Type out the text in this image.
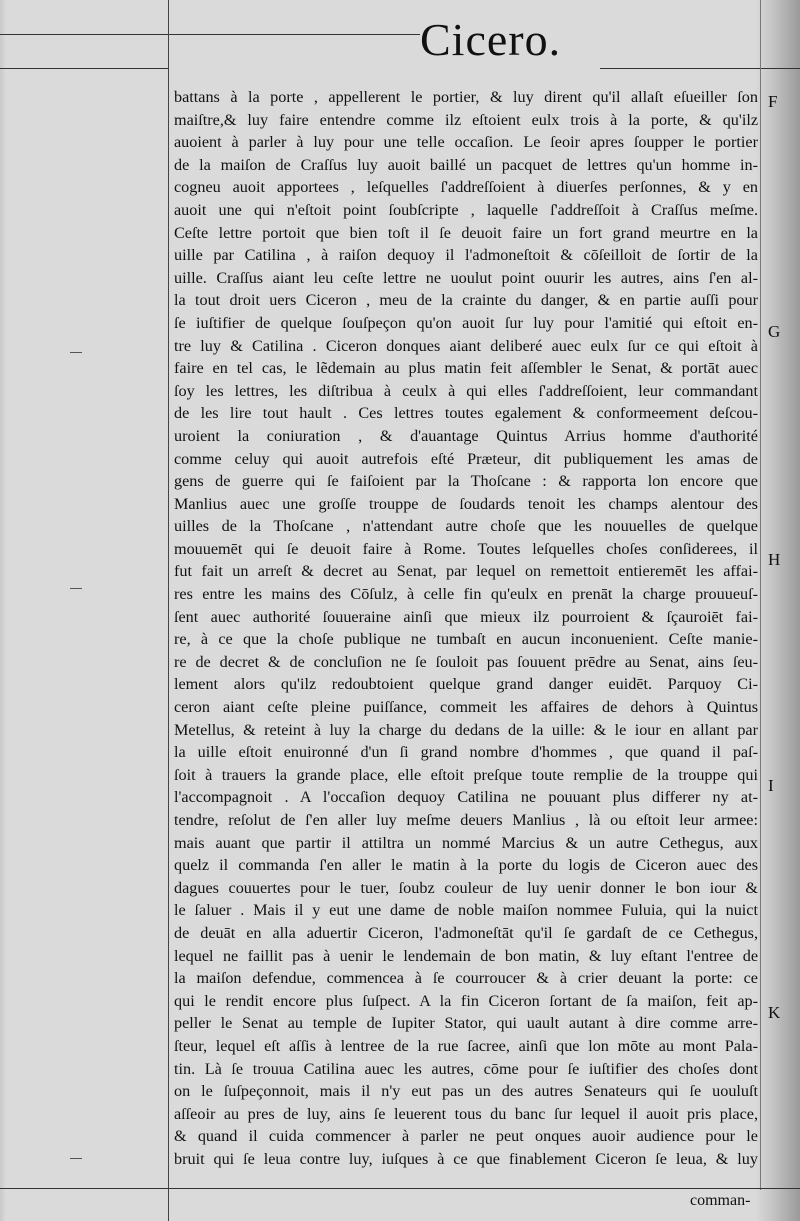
Cicero.
F
G
H
I
K
battans à la porte , appellerent le portier, & luy dirent qu'il allaſt eſueiller ſon
maiſtre,& luy faire entendre comme ilz eſtoient eulx trois à la porte, & qu'ilz
auoient à parler à luy pour une telle occaſion. Le ſeoir apres ſoupper le portier
de la maiſon de Craſſus luy auoit baillé un pacquet de lettres qu'un homme in-
cogneu auoit apportees , leſquelles ſ'addreſſoient à diuerſes perſonnes, & y en
auoit une qui n'eſtoit point ſoubſcripte , laquelle ſ'addreſſoit à Craſſus meſme.
Ceſte lettre portoit que bien toſt il ſe deuoit faire un fort grand meurtre en la
uille par Catilina , à raiſon dequoy il l'admoneſtoit & cōſeilloit de ſortir de la
uille. Craſſus aiant leu ceſte lettre ne uoulut point ouurir les autres, ains ſ'en al-
la tout droit uers Ciceron , meu de la crainte du danger, & en partie auſſi pour
ſe iuſtifier de quelque ſouſpeçon qu'on auoit ſur luy pour l'amitié qui eſtoit en-
tre luy & Catilina . Ciceron donques aiant deliberé auec eulx ſur ce qui eſtoit à
faire en tel cas, le lẽdemain au plus matin feit aſſembler le Senat, & portāt auec
ſoy les lettres, les diſtribua à ceulx à qui elles ſ'addreſſoient, leur commandant
de les lire tout hault . Ces lettres toutes egalement & conformeement deſcou-
uroient la coniuration , & d'auantage Quintus Arrius homme d'authorité
comme celuy qui auoit autrefois eſté Præteur, dit publiquement les amas de
gens de guerre qui ſe faiſoient par la Thoſcane : & rapporta lon encore que
Manlius auec une groſſe trouppe de ſoudards tenoit les champs alentour des
uilles de la Thoſcane , n'attendant autre choſe que les nouuelles de quelque
mouuemēt qui ſe deuoit faire à Rome. Toutes leſquelles choſes conſiderees, il
fut fait un arreſt & decret au Senat, par lequel on remettoit entieremēt les affai-
res entre les mains des Cōſulz, à celle fin qu'eulx en prenāt la charge prouueuſ-
ſent auec authorité ſouueraine ainſi que mieux ilz pourroient & ſçauroiēt fai-
re, à ce que la choſe publique ne tumbaſt en aucun inconuenient. Ceſte manie-
re de decret & de concluſion ne ſe ſouloit pas ſouuent prēdre au Senat, ains ſeu-
lement alors qu'ilz redoubtoient quelque grand danger euidēt. Parquoy Ci-
ceron aiant ceſte pleine puiſſance, commeit les affaires de dehors à Quintus
Metellus, & reteint à luy la charge du dedans de la uille: & le iour en allant par
la uille eſtoit enuironné d'un ſi grand nombre d'hommes , que quand il paſ-
ſoit à trauers la grande place, elle eſtoit preſque toute remplie de la trouppe qui
l'accompagnoit . A l'occaſion dequoy Catilina ne pouuant plus differer ny at-
tendre, reſolut de ſ'en aller luy meſme deuers Manlius , là ou eſtoit leur armee:
mais auant que partir il attiltra un nommé Marcius & un autre Cethegus, aux
quelz il commanda ſ'en aller le matin à la porte du logis de Ciceron auec des
dagues couuertes pour le tuer, ſoubz couleur de luy uenir donner le bon iour &
le ſaluer . Mais il y eut une dame de noble maiſon nommee Fuluia, qui la nuict
de deuāt en alla aduertir Ciceron, l'admoneſtāt qu'il ſe gardaſt de ce Cethegus,
lequel ne faillit pas à uenir le lendemain de bon matin, & luy eſtant l'entree de
la maiſon defendue, commencea à ſe courroucer & à crier deuant la porte: ce
qui le rendit encore plus ſuſpect. A la fin Ciceron ſortant de ſa maiſon, feit ap-
peller le Senat au temple de Iupiter Stator, qui uault autant à dire comme arre-
ſteur, lequel eſt aſſis à lentree de la rue ſacree, ainſi que lon mōte au mont Pala-
tin. Là ſe trouua Catilina auec les autres, cōme pour ſe iuſtifier des choſes dont
on le ſuſpeçonnoit, mais il n'y eut pas un des autres Senateurs qui ſe uouluſt
aſſeoir au pres de luy, ains ſe leuerent tous du banc ſur lequel il auoit pris place,
& quand il cuida commencer à parler ne peut onques auoir audience pour le
bruit qui ſe leua contre luy, iuſques à ce que finablement Ciceron ſe leua, & luy
comman-
